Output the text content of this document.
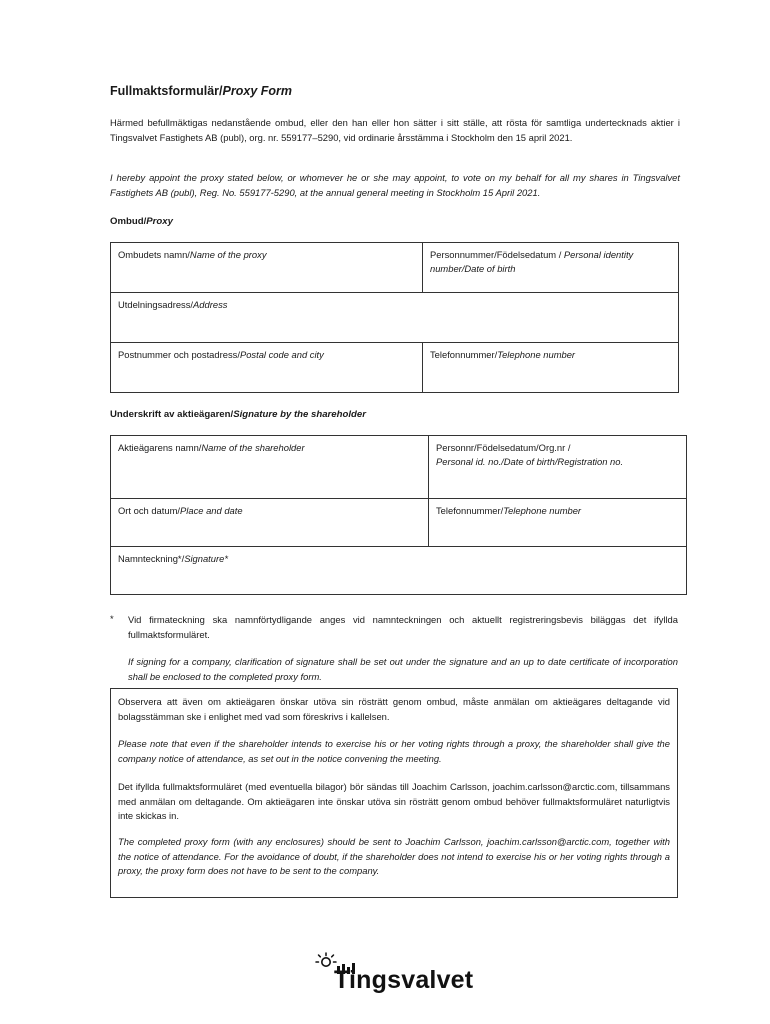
Fullmaktsformulär/Proxy Form
Härmed befullmäktigas nedanstående ombud, eller den han eller hon sätter i sitt ställe, att rösta för samtliga undertecknads aktier i Tingsvalvet Fastighets AB (publ), org. nr. 559177–5290, vid ordinarie årsstämma i Stockholm den 15 april 2021.
I hereby appoint the proxy stated below, or whomever he or she may appoint, to vote on my behalf for all my shares in Tingsvalvet Fastighets AB (publ), Reg. No. 559177-5290, at the annual general meeting in Stockholm 15 April 2021.
Ombud/Proxy
Ombudets namn/Name of the proxy	Personnummer/Födelsedatum / Personal identity number/Date of birth
Utdelningsadress/Address	
Postnummer och postadress/Postal code and city	Telefonnummer/Telephone number
Underskrift av aktieägaren/Signature by the shareholder
Aktieägarens namn/Name of the shareholder	Personnr/Födelsedatum/Org.nr /
Personal id. no./Date of birth/Registration no.
Ort och datum/Place and date	Telefonnummer/Telephone number
Namnteckning*/Signature*	
* Vid firmateckning ska namnförtydligande anges vid namnteckningen och aktuellt registreringsbevis biläggas det ifyllda fullmaktsformuläret.
If signing for a company, clarification of signature shall be set out under the signature and an up to date certificate of incorporation shall be enclosed to the completed proxy form.
Observera att även om aktieägaren önskar utöva sin rösträtt genom ombud, måste anmälan om aktieägares deltagande vid bolagsstämman ske i enlighet med vad som föreskrivs i kallelsen.
Please note that even if the shareholder intends to exercise his or her voting rights through a proxy, the shareholder shall give the company notice of attendance, as set out in the notice convening the meeting.
Det ifyllda fullmaktsformuläret (med eventuella bilagor) bör sändas till Joachim Carlsson, joachim.carlsson@arctic.com, tillsammans med anmälan om deltagande. Om aktieägaren inte önskar utöva sin rösträtt genom ombud behöver fullmaktsformuläret naturligtvis inte skickas in.
The completed proxy form (with any enclosures) should be sent to Joachim Carlsson, joachim.carlsson@arctic.com, together with the notice of attendance. For the avoidance of doubt, if the shareholder does not intend to exercise his or her voting rights through a proxy, the proxy form does not have to be sent to the company.
Tingsvalvet
